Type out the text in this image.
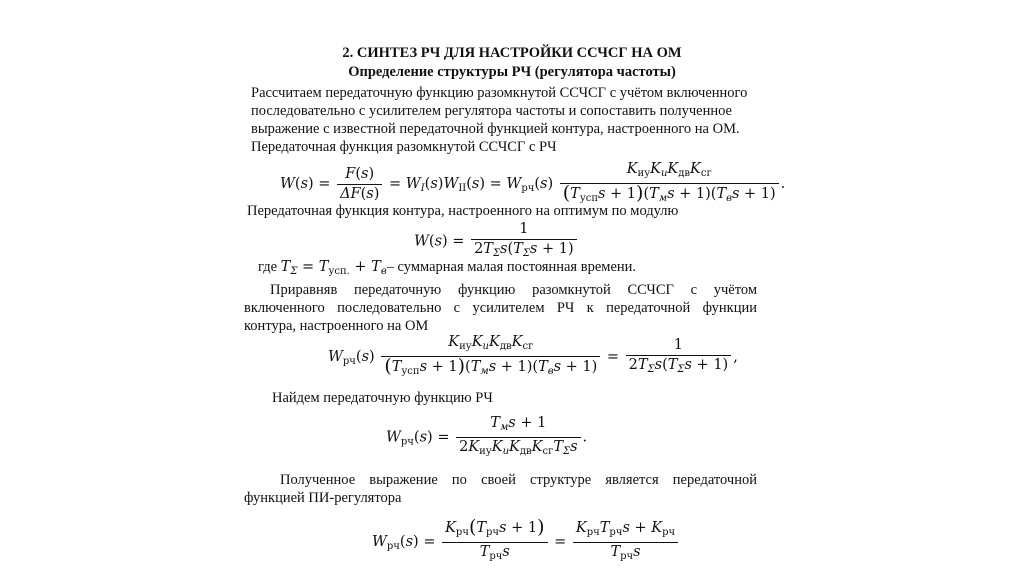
2. СИНТЕЗ РЧ ДЛЯ НАСТРОЙКИ ССЧСГ НА ОМ
Определение структуры РЧ (регулятора частоты)
Рассчитаем передаточную функцию разомкнутой ССЧСГ с учётом включенного
последовательно с усилителем регулятора частоты и сопоставить полученное
выражение с известной передаточной функцией контура, настроенного на ОМ.
Передаточная функция разомкнутой ССЧСГ с РЧ
$W(s) = \frac{F(s)}{\Delta F(s)} = W_I(s)W_{II}(s) = W_{рч}(s) \frac{K_{иу}K_иK_{дв}K_{сг}}{(T_{усп}s + 1)(T_мs + 1)(T_вs + 1)}$ .
Передаточная функция контура, настроенного на оптимум по модулю
$W(s) = \frac{1}{2T_\Sigma s(T_\Sigma s + 1)}$
где $T_\Sigma = T_{усп.} + T_в-$ суммарная малая постоянная времени.
Приравняв передаточную функцию разомкнутой ССЧСГ с учётом
включенного последовательно с усилителем РЧ к передаточной функции
контура, настроенного на ОМ
$W_{рч}(s) \frac{K_{иу}K_иK_{дв}K_{сг}}{(T_{усп}s + 1)(T_мs + 1)(T_вs + 1)} = \frac{1}{2T_\Sigma s(T_\Sigma s + 1)}$ ,
Найдем передаточную функцию РЧ
$W_{рч}(s) = \frac{T_мs + 1}{2K_{иу}K_иK_{дв}K_{сг}T_\Sigma s}$ .
Полученное выражение по своей структуре является передаточной
функцией ПИ-регулятора
$W_{рч}(s) = \frac{K_{рч}(T_{рч}s + 1)}{T_{рч}s} = \frac{K_{рч}T_{рч}s + K_{рч}}{T_{рч}s}$
